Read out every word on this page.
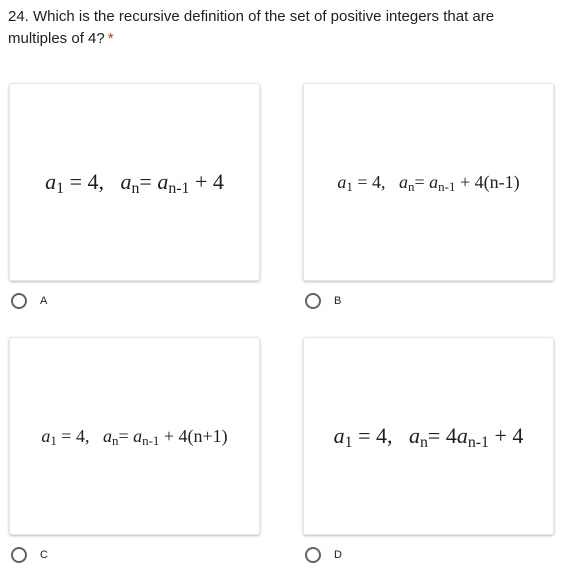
24. Which is the recursive definition of the set of positive integers that are multiples of 4? *
$a_1 = 4$, $a_n= a_{n-1} + 4$
A
$a_1 = 4$, $a_n= a_{n-1} + 4(n-1)$
B
$a_1 = 4$, $a_n= a_{n-1} + 4(n+1)$
C
$a_1 = 4$, $a_n= 4a_{n-1} + 4$
D
